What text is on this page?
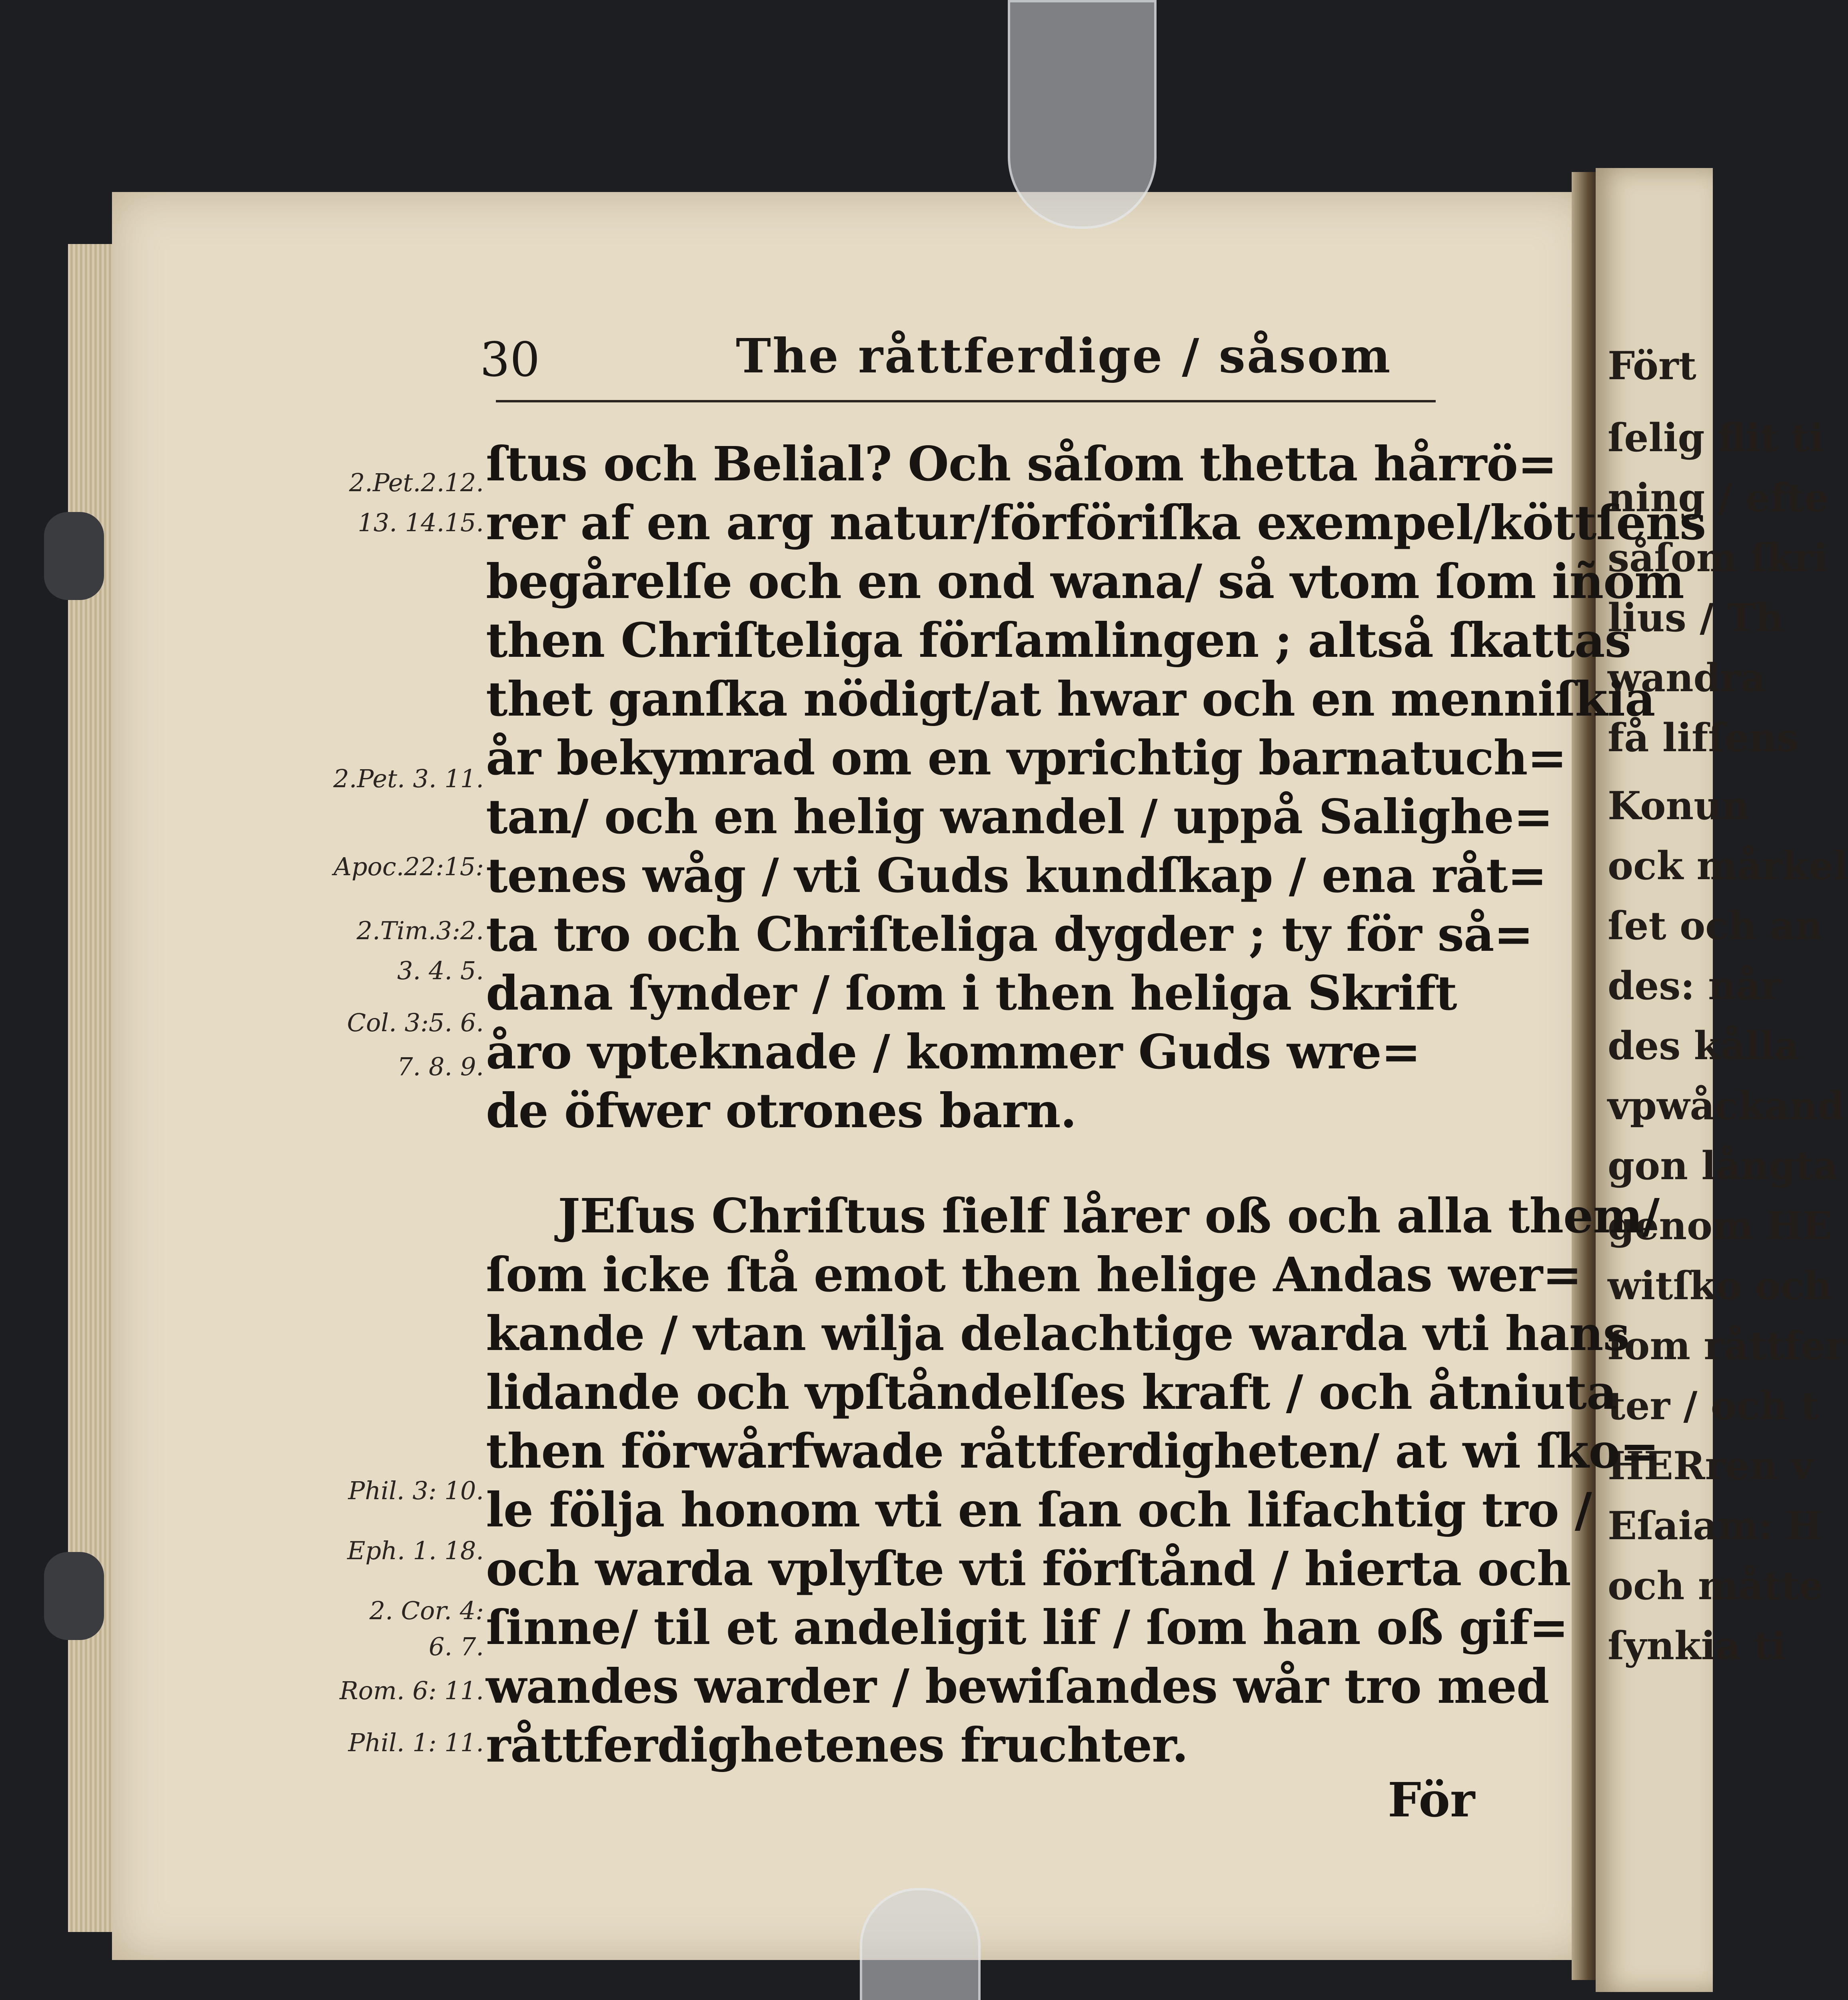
Fört
ſelig flit ti
ning / efte
såſom ſkri
lius / Th
wandra
få lifſens
Konun
ock mårkel
ſet och an
des: når
des kålla
vpwåckand
gon långta
genom HE
witſko och
ſom råttfer
ter / och t
HERren v
Eſaiam: H
och måtte
ſynkia ti
30	The råttferdige / såsom
2.Pet.2.12.
13. 14.15.
2.Pet. 3. 11.
Apoc.22:15:
2.Tim.3:2.
3. 4. 5.
Col. 3:5. 6.
7. 8. 9.
Phil. 3: 10.
Eph. 1. 18.
2. Cor. 4:
6. 7.
Rom. 6: 11.
Phil. 1: 11.
ſtus och Belial? Och såſom thetta hårrö=
rer af en arg natur/förföriſka exempel/köttſens
begårelſe och en ond wana/ så vtom ſom iñom
then Chriſteliga förſamlingen ; altså ſkattas
thet ganſka nödigt/at hwar och en menniſkia
år bekymrad om en vprichtig barnatuch=
tan/ och en helig wandel / uppå Salighe=
tenes wåg / vti Guds kundſkap / ena råt=
ta tro och Chriſteliga dygder ; ty för så=
dana ſynder / ſom i then heliga Skrift
åro vpteknade / kommer Guds wre=
de öfwer otrones barn.
JEſus Chriſtus ſielf lårer oß och alla them/
ſom icke ſtå emot then helige Andas wer=
kande / vtan wilja delachtige warda vti hans
lidande och vpſtåndelſes kraft / och åtniuta
then förwårfwade råttferdigheten/ at wi ſko=
le följa honom vti en ſan och lifachtig tro /
och warda vplyſte vti förſtånd / hierta och
ſinne/ til et andeligit lif / ſom han oß gif=
wandes warder / bewiſandes wår tro med
råttferdighetenes fruchter.
För
